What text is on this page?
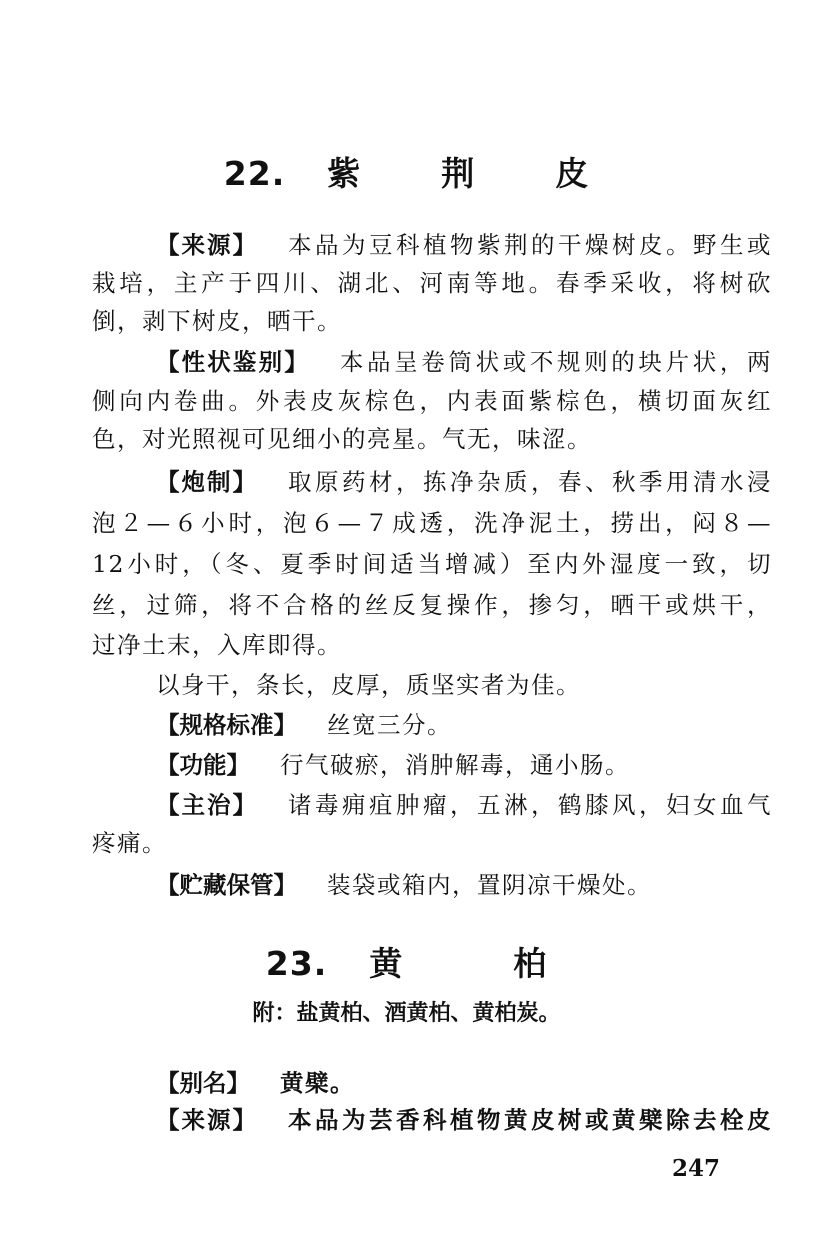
22. 紫 荆 皮
【来源】 本品为豆科植物紫荆的干燥树皮。野生或
栽培，主产于四川、湖北、河南等地。春季采收，将树砍
倒，剥下树皮，晒干。
【性状鉴别】 本品呈卷筒状或不规则的块片状，两
侧向内卷曲。外表皮灰棕色，内表面紫棕色，横切面灰红
色，对光照视可见细小的亮星。气无，味涩。
【炮制】 取原药材，拣净杂质，春、秋季用清水浸
泡２—６小时，泡６—７成透，洗净泥土，捞出，闷８—
12小时，（冬、夏季时间适当增减）至内外湿度一致，切
丝，过筛，将不合格的丝反复操作，掺匀，晒干或烘干，
过净土末，入库即得。
以身干，条长，皮厚，质坚实者为佳。
【规格标准】 丝宽三分。
【功能】 行气破瘀，消肿解毒，通小肠。
【主治】 诸毒痈疽肿瘤，五淋，鹤膝风，妇女血气
疼痛。
【贮藏保管】 装袋或箱内，置阴凉干燥处。
23. 黄	柏
附：盐黄柏、酒黄柏、黄柏炭。
【别名】 黄檗。
【来源】 本品为芸香科植物黄皮树或黄檗除去栓皮
247
